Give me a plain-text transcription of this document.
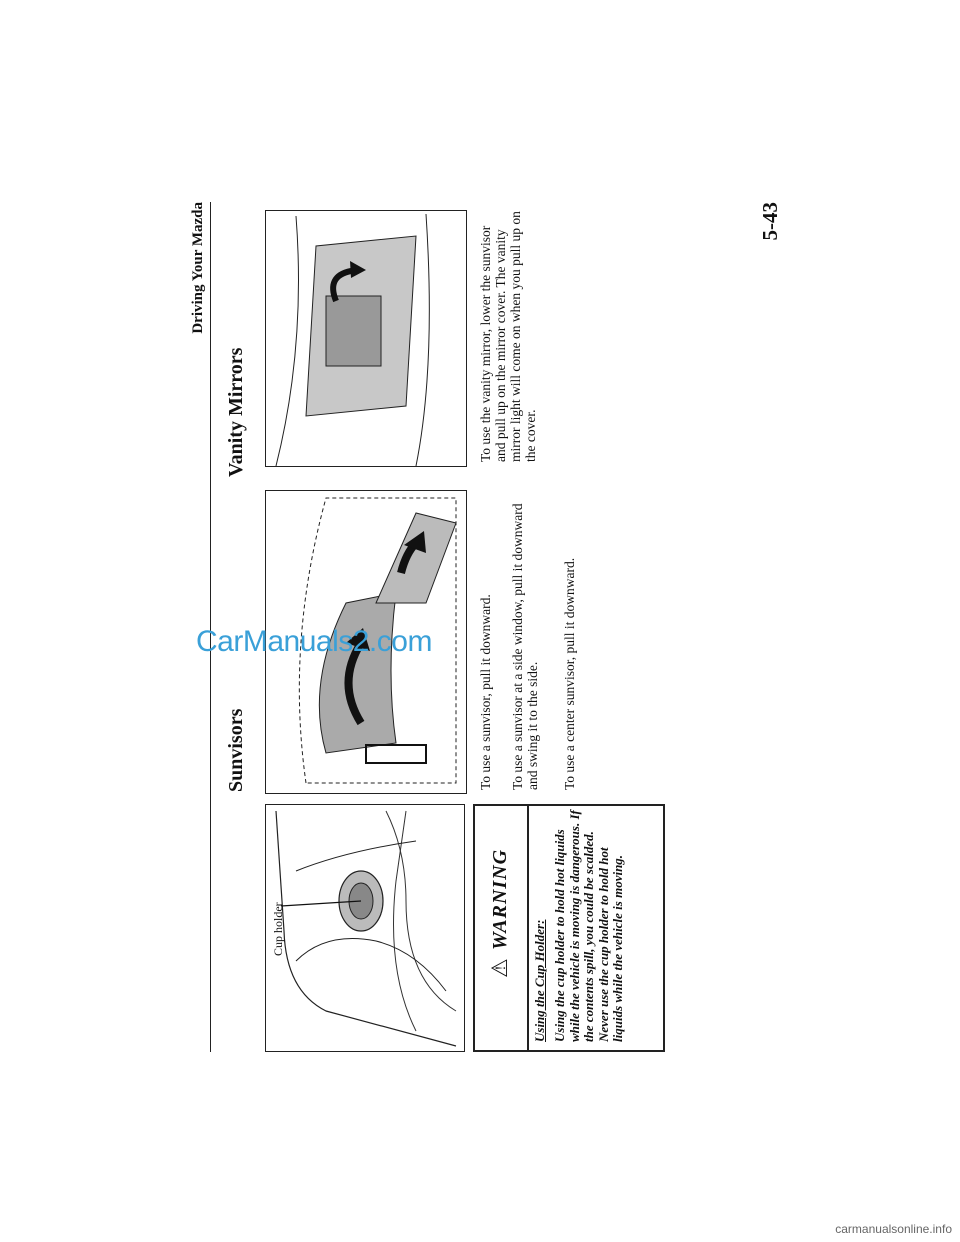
Driving Your Mazda
Cup holder
⚠
WARNING
Using the Cup Holder: Using the cup holder to hold hot liquids while the vehicle is moving is dangerous. If the contents spill, you could be scalded. Never use the cup holder to hold hot liquids while the vehicle is moving.
Sunvisors	To use a sunvisor, pull it downward. To use a sunvisor at a side window, pull it downward and swing it to the side. To use a center sunvisor, pull it downward.
Vanity Mirrors	To use the vanity mirror, lower the sunvisor and pull up on the mirror cover. The vanity mirror light will come on when you pull up on the cover.
5-43
CarManuals2.com
carmanualsonline.info
